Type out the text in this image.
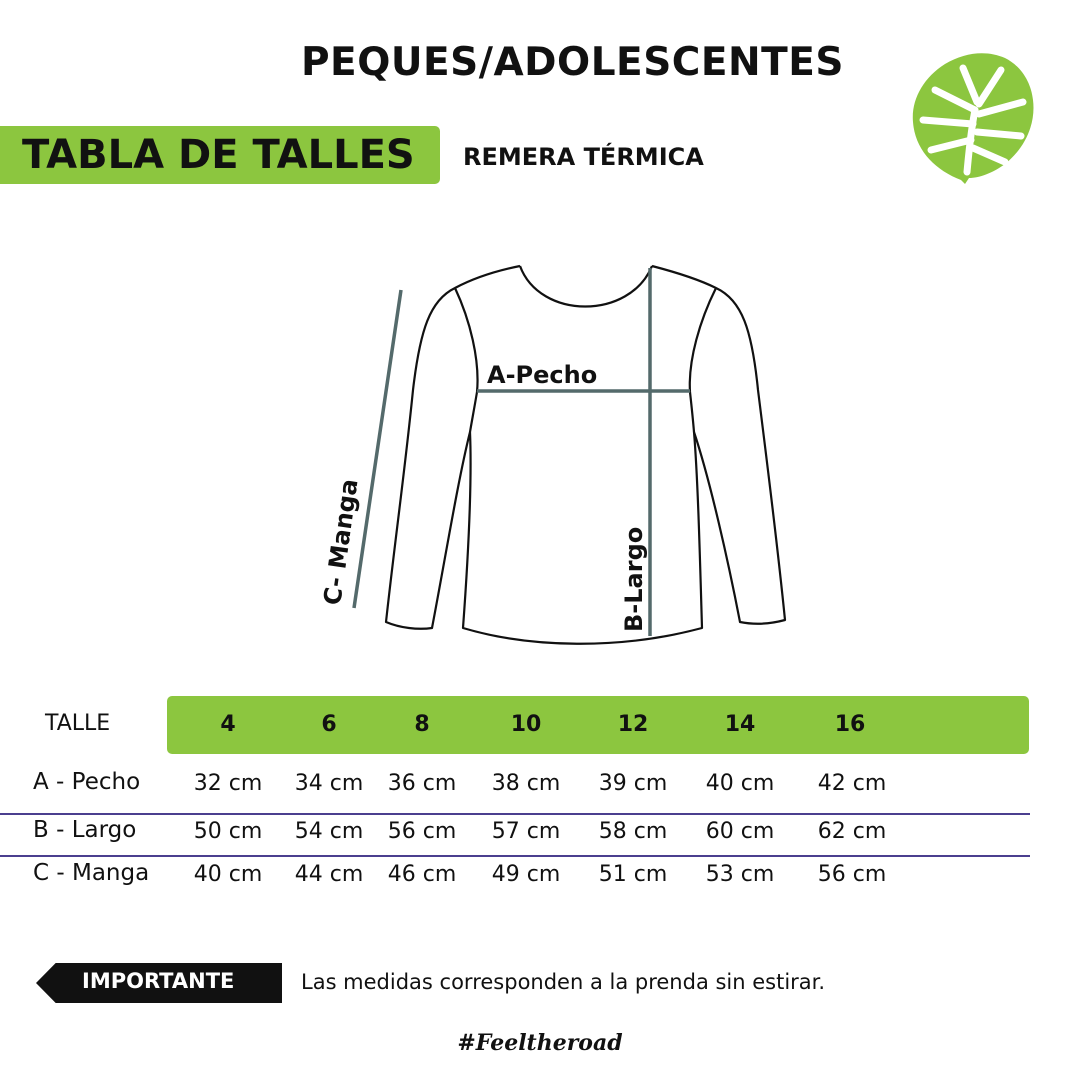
PEQUES/ADOLESCENTES
TABLA DE TALLES REMERA TÉRMICA
A-Pecho
B-Largo
C- Manga
TALLE	4	6	8	10	12	14	16
A - Pecho 32 cm 34 cm 36 cm 38 cm 39 cm 40 cm 42 cm
B - Largo	50 cm 54 cm 56 cm 57 cm 58 cm 60 cm 62 cm
C - Manga 40 cm 44 cm 46 cm 49 cm 51 cm 53 cm 56 cm
IMPORTANTE	Las medidas corresponden a la prenda sin estirar.
#Feeltheroad
